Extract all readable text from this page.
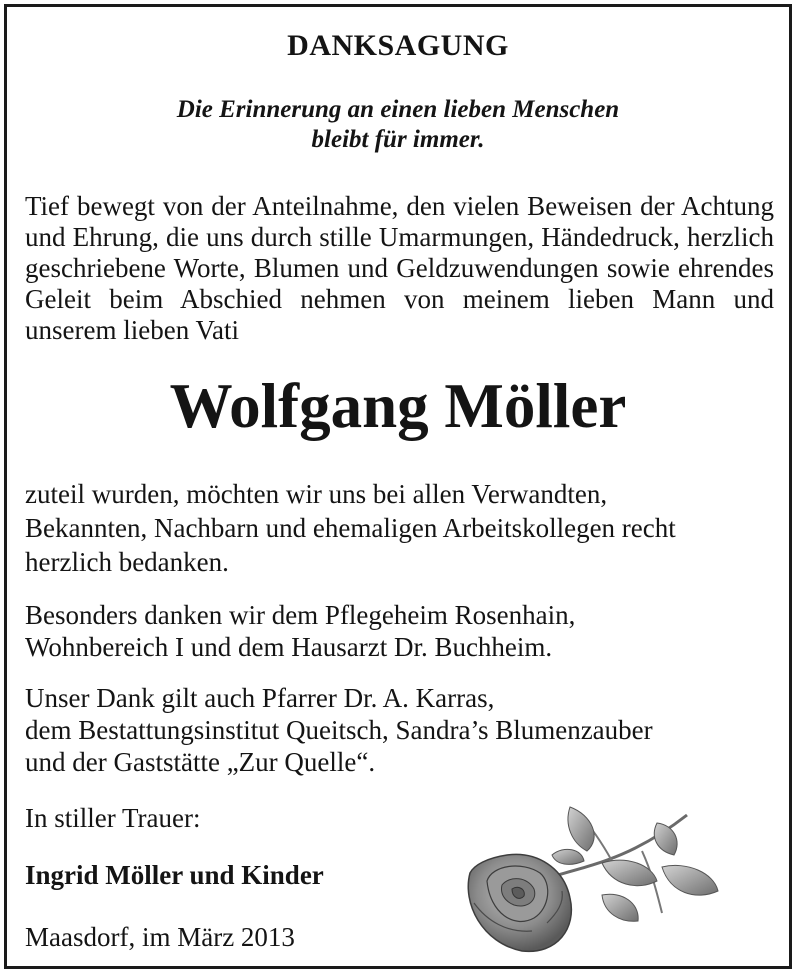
DANKSAGUNG
Die Erinnerung an einen lieben Menschen
bleibt für immer.
Tief bewegt von der Anteilnahme, den vielen Beweisen der Achtung und Ehrung, die uns durch stille Umarmungen, Händedruck, herzlich geschriebene Worte, Blumen und Geldzuwendungen sowie ehrendes Geleit beim Abschied nehmen von meinem lieben Mann und unserem lieben Vati
Wolfgang Möller
zuteil wurden, möchten wir uns bei allen Verwandten,
Bekannten, Nachbarn und ehemaligen Arbeitskollegen recht
herzlich bedanken.
Besonders danken wir dem Pflegeheim Rosenhain,
Wohnbereich I und dem Hausarzt Dr. Buchheim.
Unser Dank gilt auch Pfarrer Dr. A. Karras,
dem Bestattungsinstitut Queitsch, Sandra’s Blumenzauber
und der Gaststätte „Zur Quelle“.
In stiller Trauer:
Ingrid Möller und Kinder
Maasdorf, im März 2013
